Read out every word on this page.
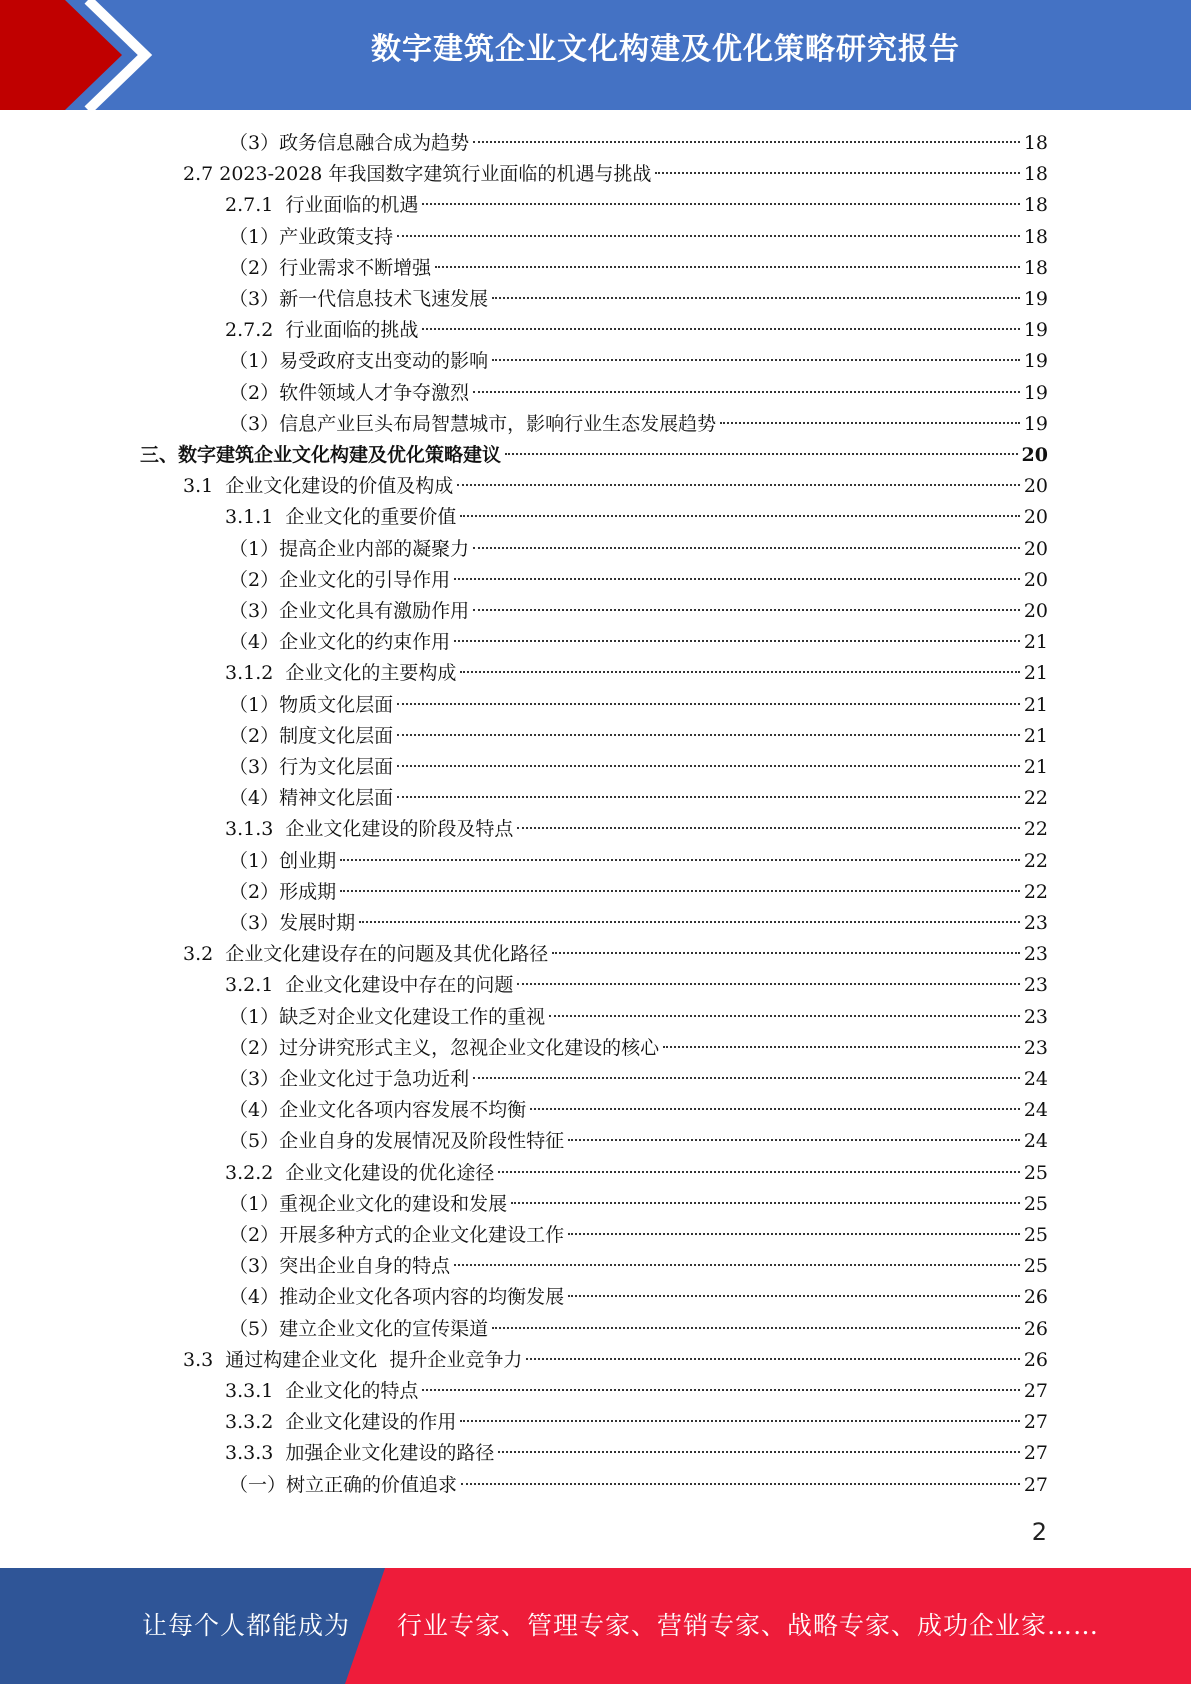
数字建筑企业文化构建及优化策略研究报告
（3）政务信息融合成为趋势	18
2.7 2023-2028 年我国数字建筑行业面临的机遇与挑战	18
2.7.1  行业面临的机遇	18
（1）产业政策支持	18
（2）行业需求不断增强	18
（3）新一代信息技术飞速发展	19
2.7.2  行业面临的挑战	19
（1）易受政府支出变动的影响	19
（2）软件领域人才争夺激烈	19
（3）信息产业巨头布局智慧城市，影响行业生态发展趋势	19
三、数字建筑企业文化构建及优化策略建议	20
3.1  企业文化建设的价值及构成	20
3.1.1  企业文化的重要价值	20
（1）提高企业内部的凝聚力	20
（2）企业文化的引导作用	20
（3）企业文化具有激励作用	20
（4）企业文化的约束作用	21
3.1.2  企业文化的主要构成	21
（1）物质文化层面	21
（2）制度文化层面	21
（3）行为文化层面	21
（4）精神文化层面	22
3.1.3  企业文化建设的阶段及特点	22
（1）创业期	22
（2）形成期	22
（3）发展时期	23
3.2  企业文化建设存在的问题及其优化路径	23
3.2.1  企业文化建设中存在的问题	23
（1）缺乏对企业文化建设工作的重视	23
（2）过分讲究形式主义，忽视企业文化建设的核心	23
（3）企业文化过于急功近利	24
（4）企业文化各项内容发展不均衡	24
（5）企业自身的发展情况及阶段性特征	24
3.2.2  企业文化建设的优化途径	25
（1）重视企业文化的建设和发展	25
（2）开展多种方式的企业文化建设工作	25
（3）突出企业自身的特点	25
（4）推动企业文化各项内容的均衡发展	26
（5）建立企业文化的宣传渠道	26
3.3  通过构建企业文化  提升企业竞争力	26
3.3.1  企业文化的特点	27
3.3.2  企业文化建设的作用	27
3.3.3  加强企业文化建设的路径	27
（一）树立正确的价值追求	27
2
让每个人都能成为 行业专家、管理专家、营销专家、战略专家、成功企业家……
